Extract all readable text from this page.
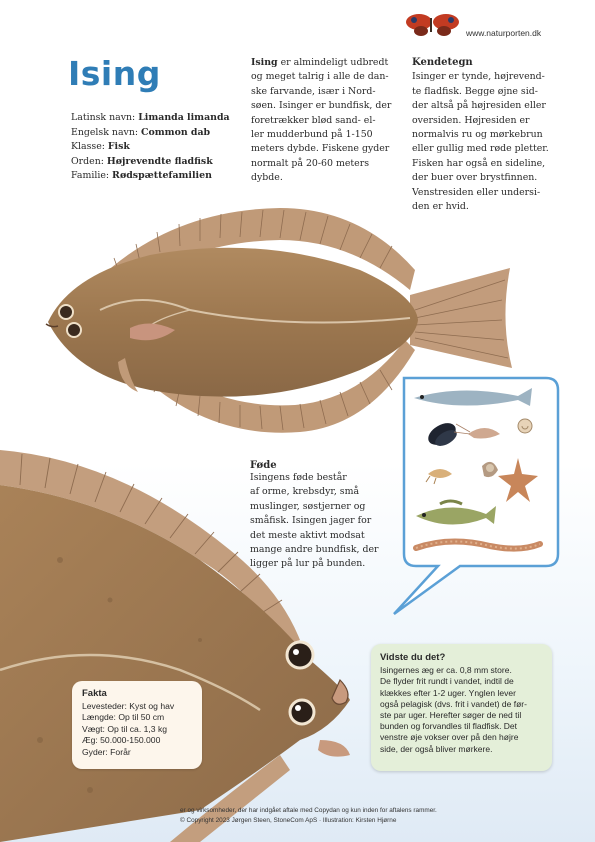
www.naturporten.dk
Ising
Latinsk navn: Limanda limanda
Engelsk navn: Common dab
Klasse: Fisk
Orden: Højrevendte fladfisk
Familie: Rødspættefamilien
Ising er almindeligt udbredt
og meget talrig i alle de dan-
ske farvande, især i Nord-
søen. Isinger er bundfisk, der
foretrækker blød sand- el-
ler mudderbund på 1-150
meters dybde. Fiskene gyder
normalt på 20-60 meters
dybde.
Kendetegn

Isinger er tynde, højrevend-
te fladfisk. Begge øjne sid-
der altså på højresiden eller
oversiden. Højresiden er
normalvis ru og mørkebrun
eller gullig med røde pletter.
Fisken har også en sideline,
der buer over brystfinnen.
Venstresiden eller undersi-
den er hvid.

Føde

Isingens føde består
af orme, krebsdyr, små
muslinger, søstjerner og
småfisk. Isingen jager for
det meste aktivt modsat
mange andre bundfisk, der
ligger på lur på bunden.

Fakta
Levesteder: Kyst og hav
Længde: Op til 50 cm
Vægt: Op til ca. 1,3 kg
Æg: 50.000-150.000
Gyder: Forår
Vidste du det?
Isingernes æg er ca. 0,8 mm store.
De flyder frit rundt i vandet, indtil de
klækkes efter 1-2 uger. Ynglen lever
også pelagisk (dvs. frit i vandet) de før-
ste par uger. Herefter søger de ned til
bunden og forvandles til fladfisk. Det
venstre øje vokser over på den højre
side, der også bliver mørkere.
er og virksomheder, der har indgået aftale med Copydan og kun inden for aftalens rammer.
© Copyright 2023 Jørgen Steen, StoneCom ApS · Illustration: Kirsten Hjørne
